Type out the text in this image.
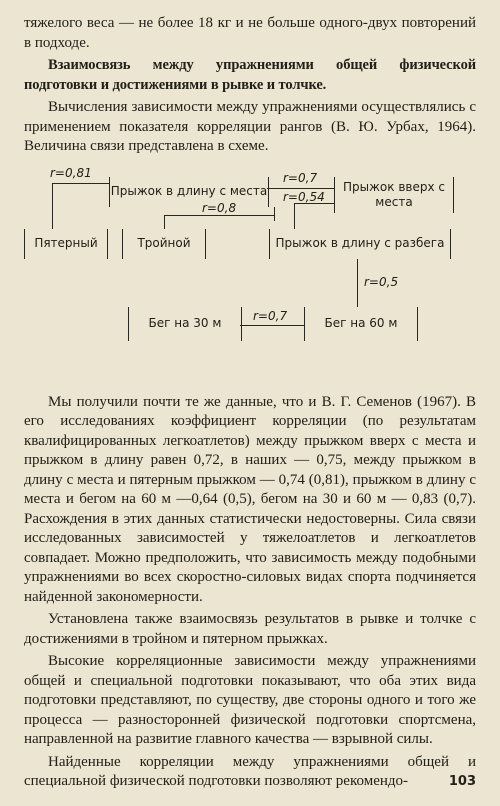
тяжелого веса — не более 18 кг и не больше одного-двух повторений в подходе.

Взаимосвязь между упражнениями общей физической подготовки и достижениями в рывке и толчке.

Вычисления зависимости между упражнениями осуществлялись с применением показателя корреляции рангов (В. Ю. Урбах, 1964). Величина связи представлена в схеме.

Прыжок в длину с места	Прыжок вверх с места
Пятерный	Тройной	Прыжок в длину с разбега
Бег на 30 м	Бег на 60 м
r=0,81	r=0,7
r=0,54
r=0,8
r=0,5
r=0,7

Мы получили почти те же данные, что и В. Г. Семенов (1967). В его исследованиях коэффициент корреляции (по результатам квалифицированных легкоатлетов) между прыжком вверх с места и прыжком в длину равен 0,72, в наших — 0,75, между прыжком в длину с места и пятерным прыжком — 0,74 (0,81), прыжком в длину с места и бегом на 60 м —0,64 (0,5), бегом на 30 и 60 м — 0,83 (0,7). Расхождения в этих данных статистически недостоверны. Сила связи исследованных зависимостей у тяжелоатлетов и легкоатлетов совпадает. Можно предположить, что зависимость между подобными упражнениями во всех скоростно-силовых видах спорта подчиняется найденной закономерности.

Установлена также взаимосвязь результатов в рывке и толчке с достижениями в тройном и пятерном прыжках.

Высокие корреляционные зависимости между упражнениями общей и специальной подготовки показывают, что оба этих вида подготовки представляют, по существу, две стороны одного и того же процесса — разносторонней физической подготовки спортсмена, направленной на развитие главного качества — взрывной силы.

Найденные корреляции между упражнениями общей и специальной физической подготовки позволяют рекомендо-	103
